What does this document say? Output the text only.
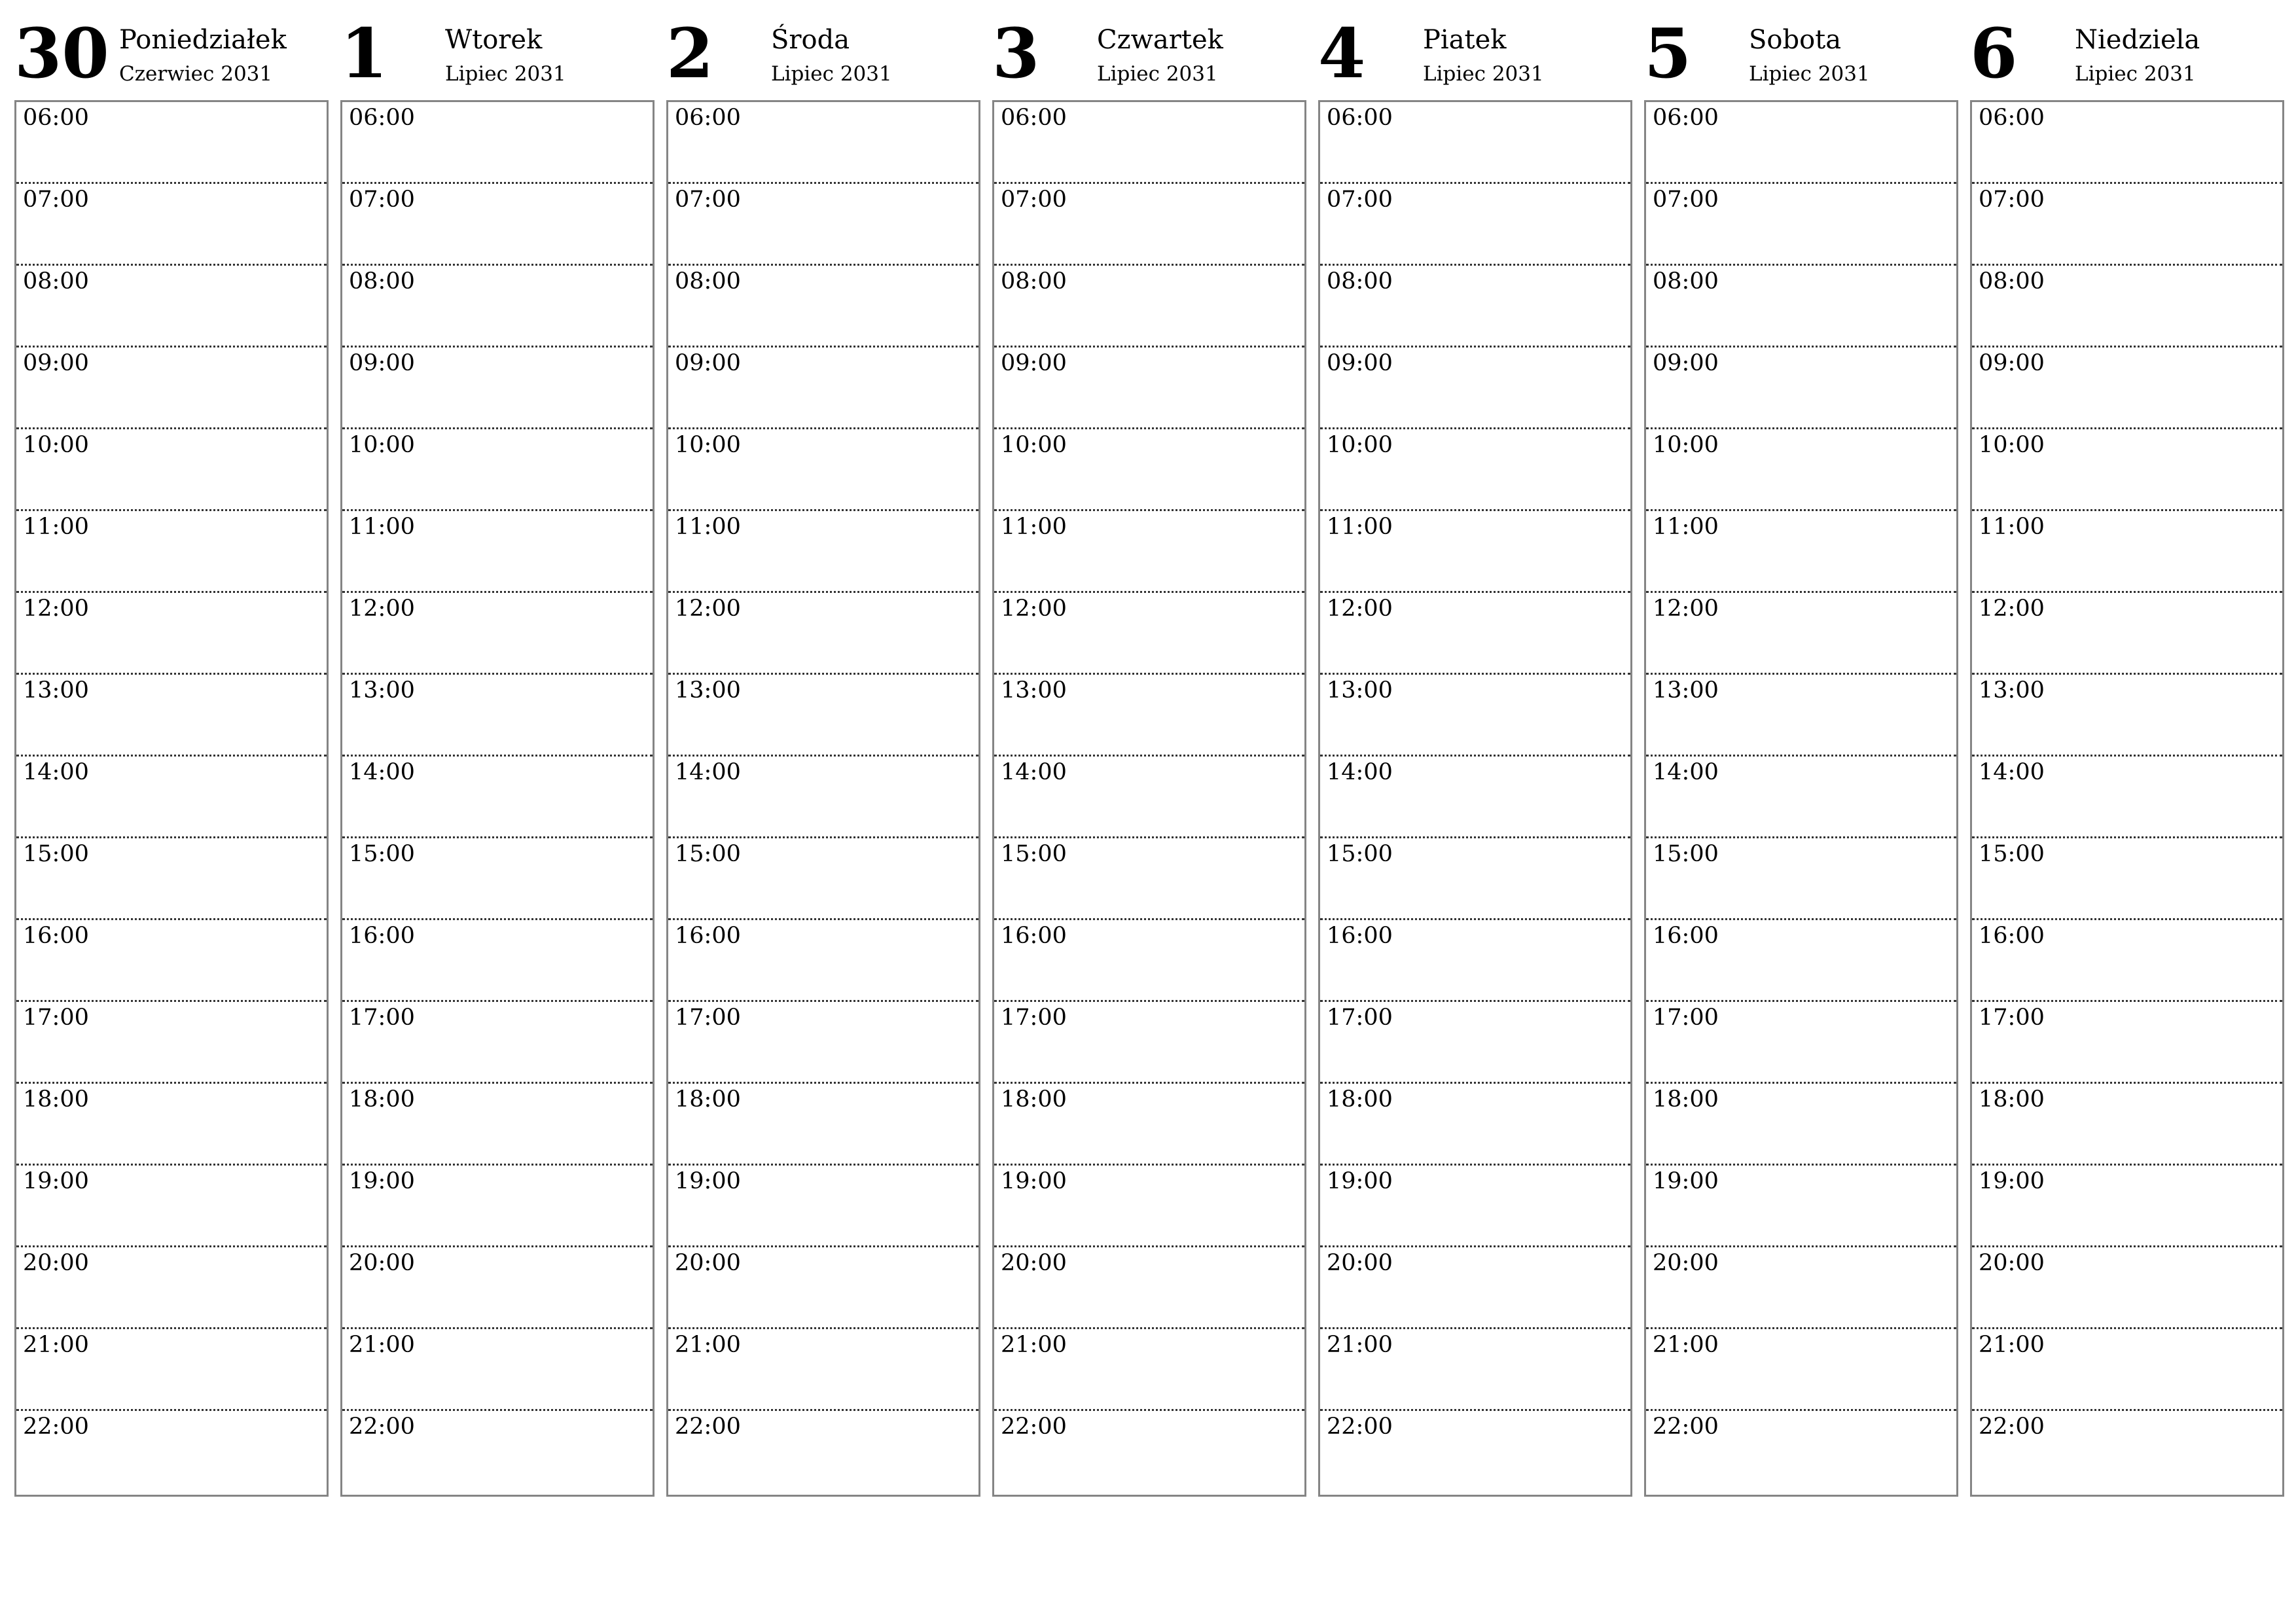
30 Poniedziałek
Czerwiec 2031
06:00
07:00
08:00
09:00
10:00
11:00
12:00
13:00
14:00
15:00
16:00
17:00
18:00
19:00
20:00
21:00
22:00
1 Wtorek
Lipiec 2031
06:00
07:00
08:00
09:00
10:00
11:00
12:00
13:00
14:00
15:00
16:00
17:00
18:00
19:00
20:00
21:00
22:00
2 Środa
Lipiec 2031
06:00
07:00
08:00
09:00
10:00
11:00
12:00
13:00
14:00
15:00
16:00
17:00
18:00
19:00
20:00
21:00
22:00
3 Czwartek
Lipiec 2031
06:00
07:00
08:00
09:00
10:00
11:00
12:00
13:00
14:00
15:00
16:00
17:00
18:00
19:00
20:00
21:00
22:00
4 Piatek
Lipiec 2031
06:00
07:00
08:00
09:00
10:00
11:00
12:00
13:00
14:00
15:00
16:00
17:00
18:00
19:00
20:00
21:00
22:00
5 Sobota
Lipiec 2031
06:00
07:00
08:00
09:00
10:00
11:00
12:00
13:00
14:00
15:00
16:00
17:00
18:00
19:00
20:00
21:00
22:00
6 Niedziela
Lipiec 2031
06:00
07:00
08:00
09:00
10:00
11:00
12:00
13:00
14:00
15:00
16:00
17:00
18:00
19:00
20:00
21:00
22:00
